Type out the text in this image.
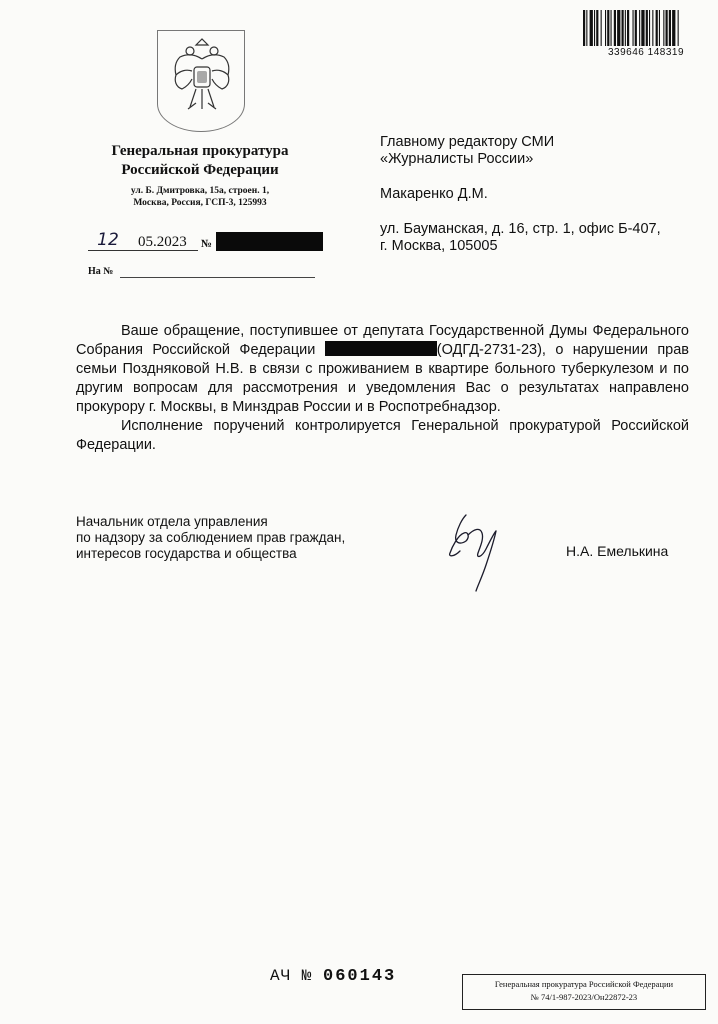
Генеральная прокуратура
Российской Федерации
ул. Б. Дмитровка, 15а, строен. 1,
Москва, Россия, ГСП-3, 125993
12	05.2023 №
На №
339646 148319
Главному редактору СМИ
«Журналисты России»
Макаренко Д.М.
ул. Бауманская, д. 16, стр. 1, офис Б-407,
г. Москва, 105005

Ваше обращение, поступившее от депутата Государственной Думы Федерального Собрания Российской Федерации	(ОДГД-2731-23), о нарушении прав семьи Поздняковой Н.В. в связи с проживанием в квартире больного туберкулезом и по другим вопросам для рассмотрения и уведомления Вас о результатах направлено прокурору г. Москвы, в Минздрав России и в Роспотребнадзор.

Исполнение поручений контролируется Генеральной прокуратурой Российской Федерации.

Начальник отдела управления
по надзору за соблюдением прав граждан,
интересов государства и общества	Н.А. Емелькина
АЧ № 060143	Генеральная прокуратура Российской Федерации
№ 74/1-987-2023/Он22872-23
